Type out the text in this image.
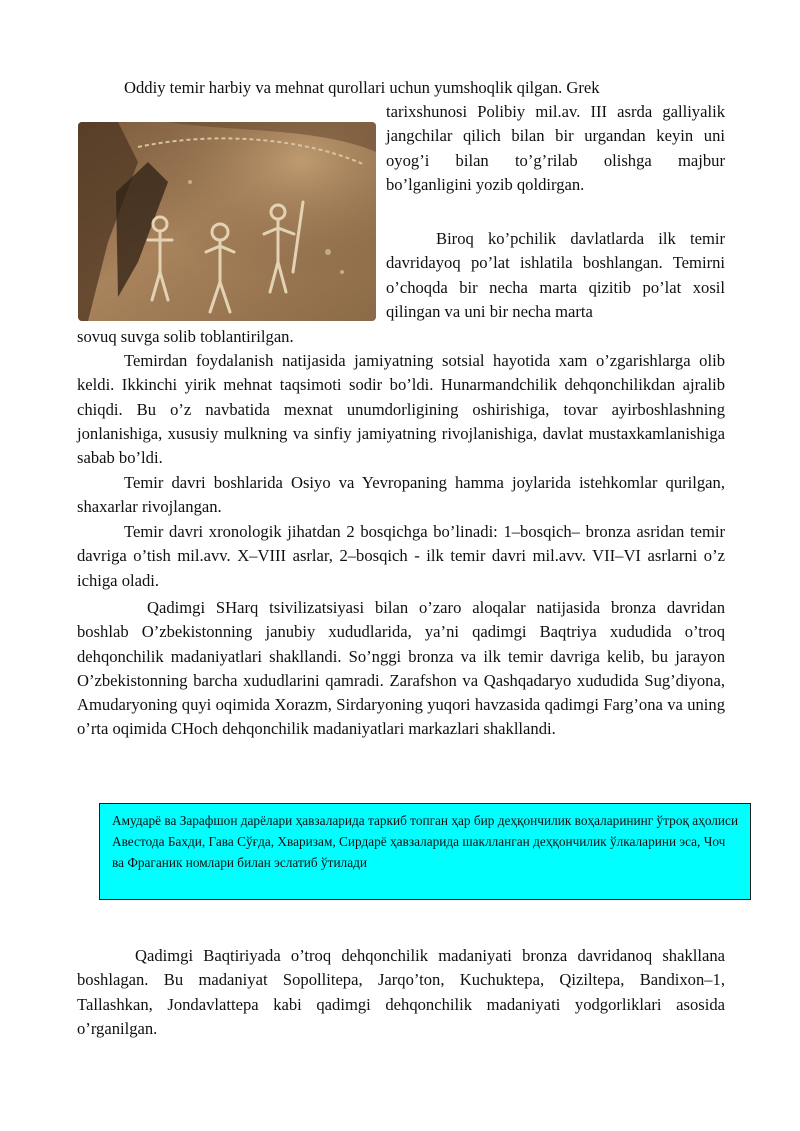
Oddiy temir harbiy va mehnat qurollari uchun yumshoqlik qilgan. Grek

tarixshunosi Polibiy mil.av. III asrda galliyalik jangchilar qilich bilan bir urgandan keyin uni oyog’i bilan to’g’rilab olishga majbur bo’lganligini yozib qoldirgan.
Biroq ko’pchilik davlatlarda ilk temir davridayoq po’lat ishlatila boshlangan. Temirni o’choqda bir necha marta qizitib po’lat xosil qilingan va uni bir necha marta

sovuq suvga solib toblantirilgan.

Temirdan foydalanish natijasida jamiyatning sotsial hayotida xam o’zgarishlarga olib keldi. Ikkinchi yirik mehnat taqsimoti sodir bo’ldi. Hunarmandchilik dehqonchilikdan ajralib chiqdi. Bu o’z navbatida mexnat unumdorligining oshirishiga, tovar ayirboshlashning jonlanishiga, xususiy mulkning va sinfiy jamiyatning rivojlanishiga, davlat mustaxkamlanishiga sabab bo’ldi.

Temir davri boshlarida Osiyo va Yevropaning hamma joylarida istehkomlar qurilgan, shaxarlar rivojlangan.

Temir davri xronologik jihatdan 2 bosqichga bo’linadi: 1–bosqich– bronza asridan temir davriga o’tish mil.avv. X–VIII asrlar, 2–bosqich - ilk temir davri mil.avv. VII–VI asrlarni o’z ichiga oladi.

Qadimgi SHarq tsivilizatsiyasi bilan o’zaro aloqalar natijasida bronza davridan boshlab O’zbekistonning janubiy xududlarida, ya’ni qadimgi Baqtriya xududida o’troq dehqonchilik madaniyatlari shakllandi. So’nggi bronza va ilk temir davriga kelib, bu jarayon O’zbekistonning barcha xududlarini qamradi. Zarafshon va Qashqadaryo xududida Sug’diyona, Amudaryoning quyi oqimida Xorazm, Sirdaryoning yuqori havzasida qadimgi Farg’ona va uning o’rta oqimida CHoch dehqonchilik madaniyatlari markazlari shakllandi.

Амударё ва Зарафшон дарёлари ҳавзаларида таркиб топган ҳар бир деҳқончилик воҳаларининг ўтроқ аҳолиси Авестода Бахди, Гава Сўғда, Хваризам, Сирдарё ҳавзаларида шаклланган деҳқончилик ўлкаларини эса, Чоч ва Фраганик номлари билан эслатиб ўтилади

Qadimgi Baqtiriyada o’troq dehqonchilik madaniyati bronza davridanoq shakllana boshlagan. Bu madaniyat Sopollitepa, Jarqo’ton, Kuchuktepa, Qiziltepa, Bandixon–1, Tallashkan, Jondavlattepa kabi qadimgi dehqonchilik madaniyati yodgorliklari asosida o’rganilgan.
